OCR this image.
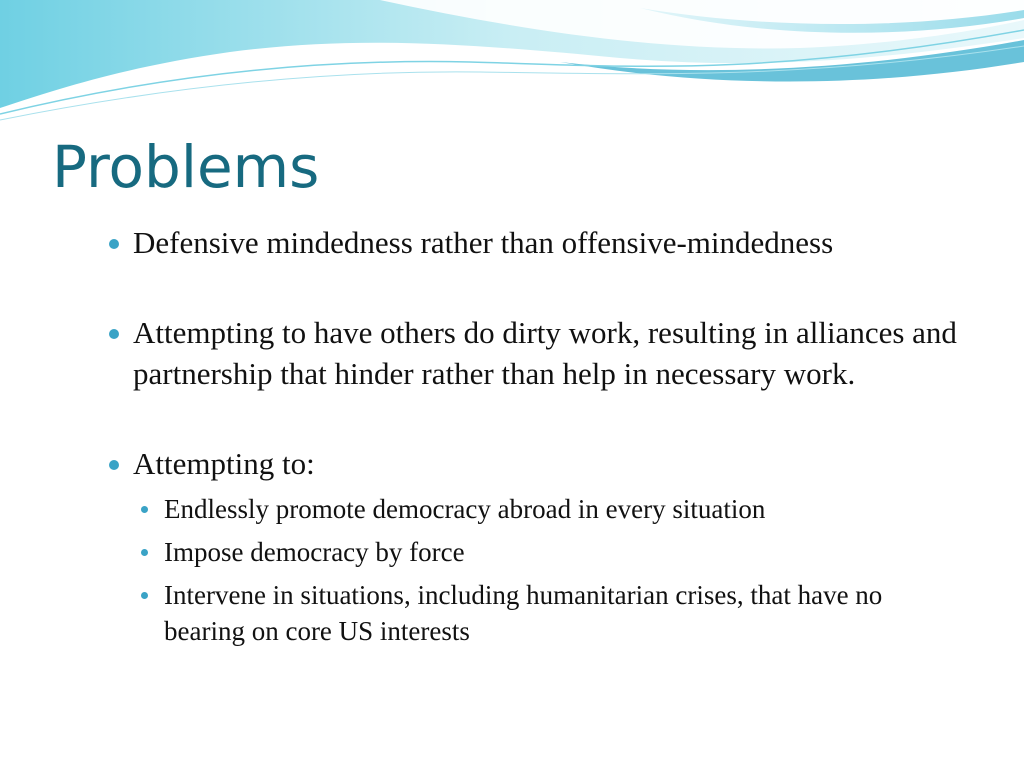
Problems
Defensive mindedness rather than offensive-mindedness
Attempting to have others do dirty work, resulting in alliances and partnership that hinder rather than help in necessary work.
Attempting to:
Endlessly promote democracy abroad in every situation
Impose democracy by force
Intervene in situations, including humanitarian crises, that have no bearing on core US interests
